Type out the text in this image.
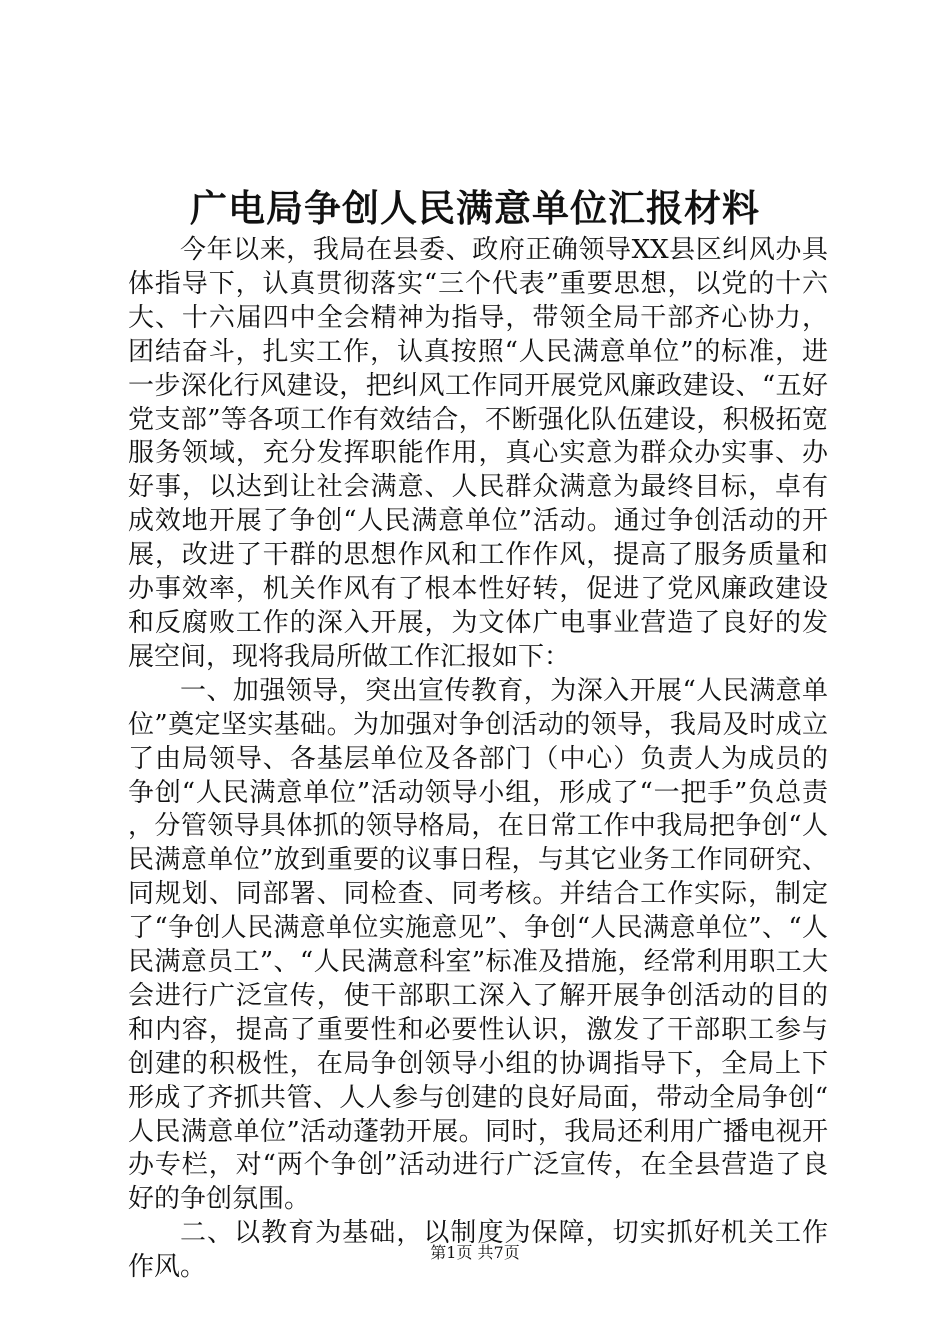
广电局争创人民满意单位汇报材料

今年以来，我局在县委、政府正确领导XX县区纠风办具体指导下，认真贯彻落实“三个代表”重要思想，以党的十六大、十六届四中全会精神为指导，带领全局干部齐心协力，团结奋斗，扎实工作，认真按照“人民满意单位”的标准，进一步深化行风建设，把纠风工作同开展党风廉政建设、“五好党支部”等各项工作有效结合，不断强化队伍建设，积极拓宽服务领域，充分发挥职能作用，真心实意为群众办实事、办好事，以达到让社会满意、人民群众满意为最终目标，卓有成效地开展了争创“人民满意单位”活动。通过争创活动的开展，改进了干群的思想作风和工作作风，提高了服务质量和办事效率，机关作风有了根本性好转，促进了党风廉政建设和反腐败工作的深入开展，为文体广电事业营造了良好的发展空间，现将我局所做工作汇报如下：

一、加强领导，突出宣传教育，为深入开展“人民满意单位”奠定坚实基础。为加强对争创活动的领导，我局及时成立了由局领导、各基层单位及各部门（中心）负责人为成员的争创“人民满意单位”活动领导小组，形成了“一把手”负总责，分管领导具体抓的领导格局，在日常工作中我局把争创“人民满意单位”放到重要的议事日程，与其它业务工作同研究、同规划、同部署、同检查、同考核。并结合工作实际，制定了“争创人民满意单位实施意见”、争创“人民满意单位”、“人民满意员工”、“人民满意科室”标准及措施，经常利用职工大会进行广泛宣传，使干部职工深入了解开展争创活动的目的和内容，提高了重要性和必要性认识，激发了干部职工参与创建的积极性，在局争创领导小组的协调指导下，全局上下形成了齐抓共管、人人参与创建的良好局面，带动全局争创“人民满意单位”活动蓬勃开展。同时，我局还利用广播电视开办专栏，对“两个争创”活动进行广泛宣传，在全县营造了良好的争创氛围。

二、以教育为基础，以制度为保障，切实抓好机关工作作风。	第1页 共7页
